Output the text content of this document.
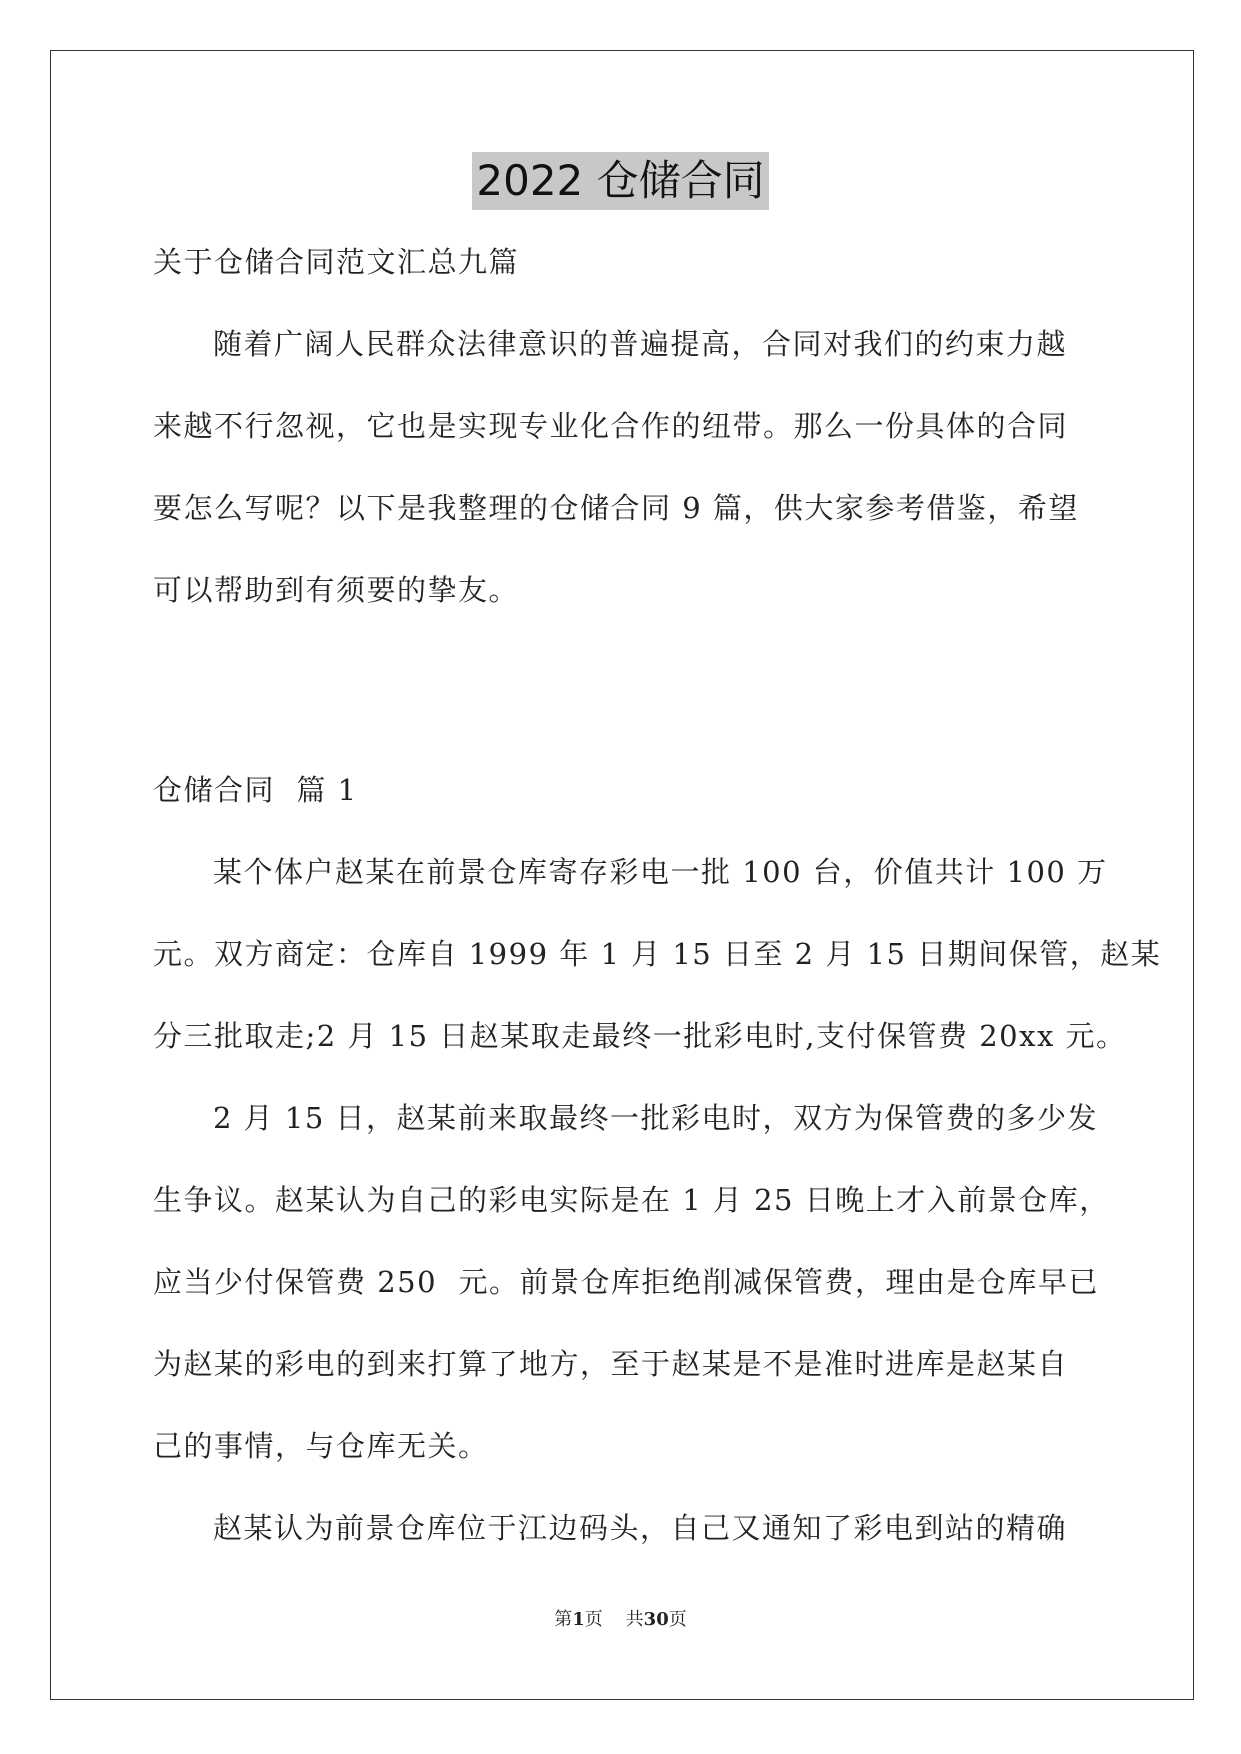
2022 仓储合同
关于仓储合同范文汇总九篇
随着广阔人民群众法律意识的普遍提高，合同对我们的约束力越
来越不行忽视，它也是实现专业化合作的纽带。那么一份具体的合同
要怎么写呢？以下是我整理的仓储合同 9 篇，供大家参考借鉴，希望
可以帮助到有须要的挚友。
仓储合同  篇 1
某个体户赵某在前景仓库寄存彩电一批 100 台，价值共计 100 万
元。双方商定：仓库自 1999 年 1 月 15 日至 2 月 15 日期间保管，赵某
分三批取走;2 月 15 日赵某取走最终一批彩电时,支付保管费 20xx 元。
2 月 15 日，赵某前来取最终一批彩电时，双方为保管费的多少发
生争议。赵某认为自己的彩电实际是在 1 月 25 日晚上才入前景仓库，
应当少付保管费 250  元。前景仓库拒绝削减保管费，理由是仓库早已
为赵某的彩电的到来打算了地方，至于赵某是不是准时进库是赵某自
己的事情，与仓库无关。
赵某认为前景仓库位于江边码头，自己又通知了彩电到站的精确
第1页    共30页
